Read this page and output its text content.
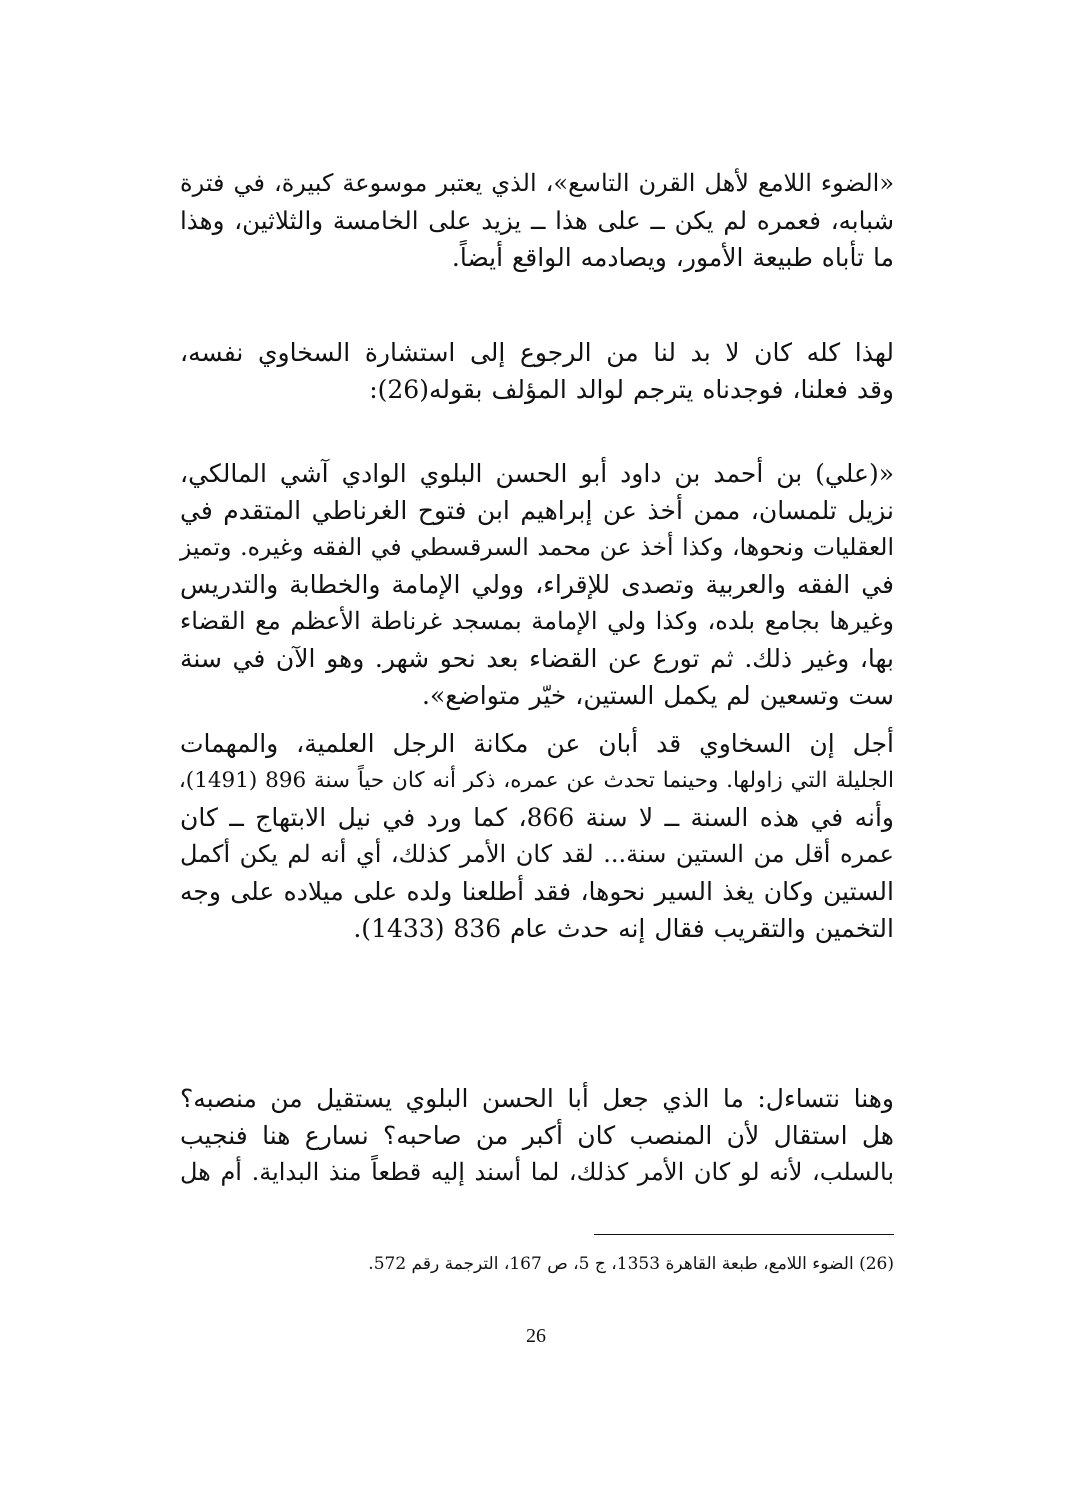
«الضوء اللامع لأهل القرن التاسع»، الذي يعتبر موسوعة كبيرة، في فترة
شبابه، فعمره لم يكن ــ على هذا ــ يزيد على الخامسة والثلاثين، وهذا
ما تأباه طبيعة الأمور، ويصادمه الواقع أيضاً.
لهذا كله كان لا بد لنا من الرجوع إلى استشارة السخاوي نفسه،
وقد فعلنا، فوجدناه يترجم لوالد المؤلف بقوله(26):
«(علي) بن أحمد بن داود أبو الحسن البلوي الوادي آشي المالكي،
نزيل تلمسان، ممن أخذ عن إبراهيم ابن فتوح الغرناطي المتقدم في
العقليات ونحوها، وكذا أخذ عن محمد السرقسطي في الفقه وغيره. وتميز
في الفقه والعربية وتصدى للإقراء، وولي الإمامة والخطابة والتدريس
وغيرها بجامع بلده، وكذا ولي الإمامة بمسجد غرناطة الأعظم مع القضاء
بها، وغير ذلك. ثم تورع عن القضاء بعد نحو شهر. وهو الآن في سنة
ست وتسعين لم يكمل الستين، خيّر متواضع».
أجل إن السخاوي قد أبان عن مكانة الرجل العلمية، والمهمات
الجليلة التي زاولها. وحينما تحدث عن عمره، ذكر أنه كان حياً سنة 896 (1491)،
وأنه في هذه السنة ــ لا سنة 866، كما ورد في نيل الابتهاج ــ كان
عمره أقل من الستين سنة... لقد كان الأمر كذلك، أي أنه لم يكن أكمل
الستين وكان يغذ السير نحوها، فقد أطلعنا ولده على ميلاده على وجه
التخمين والتقريب فقال إنه حدث عام 836 (1433).
وهنا نتساءل: ما الذي جعل أبا الحسن البلوي يستقيل من منصبه؟
هل استقال لأن المنصب كان أكبر من صاحبه؟ نسارع هنا فنجيب
بالسلب، لأنه لو كان الأمر كذلك، لما أسند إليه قطعاً منذ البداية. أم هل
(26) الضوء اللامع، طبعة القاهرة 1353، ج 5، ص 167، الترجمة رقم 572.
26
